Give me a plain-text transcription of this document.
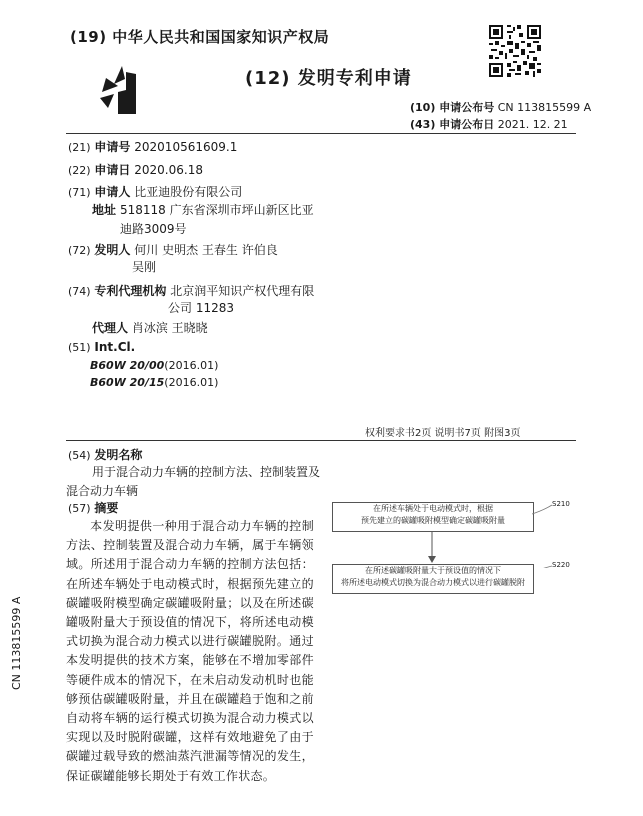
(19) 中华人民共和国国家知识产权局
(12) 发明专利申请
(10) 申请公布号 CN 113815599 A
(43) 申请公布日 2021. 12. 21
(21) 申请号 202010561609.1
(22) 申请日 2020.06.18
(71) 申请人 比亚迪股份有限公司
地址 518118 广东省深圳市坪山新区比亚
迪路3009号
(72) 发明人 何川 史明杰 王春生 许伯良
吴刚
(74) 专利代理机构 北京润平知识产权代理有限
公司 11283
代理人 肖冰滨 王晓晓
(51) Int.Cl.
B60W 20/00(2016.01)
B60W 20/15(2016.01)
权利要求书2页 说明书7页 附图3页
(54) 发明名称
用于混合动力车辆的控制方法、控制装置及
混合动力车辆
(57) 摘要
本发明提供一种用于混合动力车辆的控制方法、控制装置及混合动力车辆，属于车辆领域。所述用于混合动力车辆的控制方法包括：在所述车辆处于电动模式时，根据预先建立的碳罐吸附模型确定碳罐吸附量；以及在所述碳罐吸附量大于预设值的情况下，将所述电动模式切换为混合动力模式以进行碳罐脱附。通过本发明提供的技术方案，能够在不增加零部件等硬件成本的情况下，在未启动发动机时也能够预估碳罐吸附量，并且在碳罐趋于饱和之前自动将车辆的运行模式切换为混合动力模式以实现以及时脱附碳罐，这样有效地避免了由于碳罐过载导致的燃油蒸汽泄漏等情况的发生，保证碳罐能够长期处于有效工作状态。
在所述车辆处于电动模式时，根据
预先建立的碳罐吸附模型确定碳罐吸附量
S210
在所述碳罐吸附量大于预设值的情况下
将所述电动模式切换为混合动力模式以进行碳罐脱附
S220
CN 113815599 A
